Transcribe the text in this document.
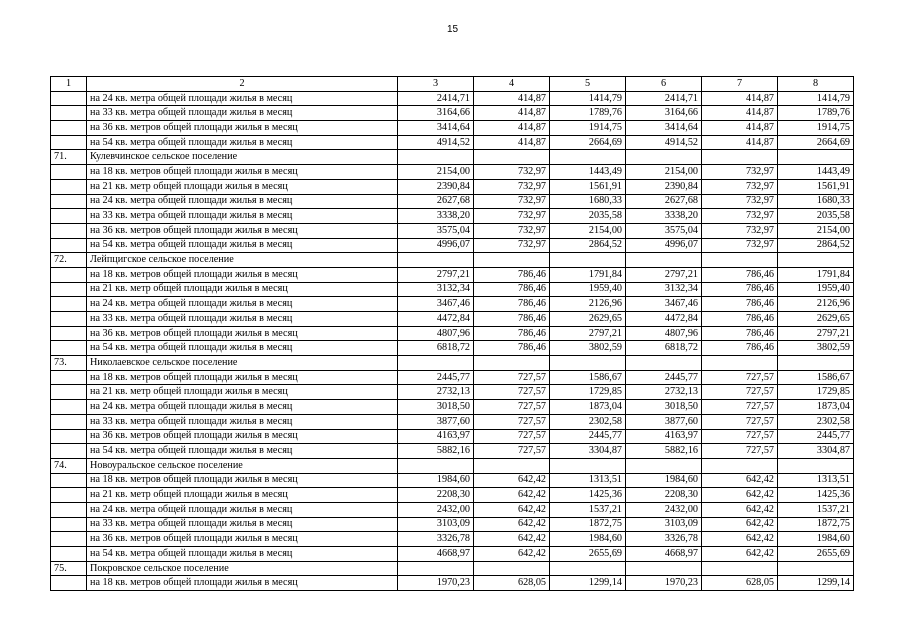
15
1	2	3	4	5	6	7	8
	на 24 кв. метра общей площади жилья в месяц	2414,71	414,87	1414,79	2414,71	414,87	1414,79
	на 33 кв. метра общей площади жилья в месяц	3164,66	414,87	1789,76	3164,66	414,87	1789,76
	на 36 кв. метров общей площади жилья в месяц	3414,64	414,87	1914,75	3414,64	414,87	1914,75
	на 54 кв. метра общей площади жилья в месяц	4914,52	414,87	2664,69	4914,52	414,87	2664,69
71.	Кулевчинское сельское поселение						
	на 18 кв. метров общей площади жилья в месяц	2154,00	732,97	1443,49	2154,00	732,97	1443,49
	на 21 кв. метр общей площади жилья в месяц	2390,84	732,97	1561,91	2390,84	732,97	1561,91
	на 24 кв. метра общей площади жилья в месяц	2627,68	732,97	1680,33	2627,68	732,97	1680,33
	на 33 кв. метра общей площади жилья в месяц	3338,20	732,97	2035,58	3338,20	732,97	2035,58
	на 36 кв. метров общей площади жилья в месяц	3575,04	732,97	2154,00	3575,04	732,97	2154,00
	на 54 кв. метра общей площади жилья в месяц	4996,07	732,97	2864,52	4996,07	732,97	2864,52
72.	Лейпцигское сельское поселение						
	на 18 кв. метров общей площади жилья в месяц	2797,21	786,46	1791,84	2797,21	786,46	1791,84
	на 21 кв. метр общей площади жилья в месяц	3132,34	786,46	1959,40	3132,34	786,46	1959,40
	на 24 кв. метра общей площади жилья в месяц	3467,46	786,46	2126,96	3467,46	786,46	2126,96
	на 33 кв. метра общей площади жилья в месяц	4472,84	786,46	2629,65	4472,84	786,46	2629,65
	на 36 кв. метров общей площади жилья в месяц	4807,96	786,46	2797,21	4807,96	786,46	2797,21
	на 54 кв. метра общей площади жилья в месяц	6818,72	786,46	3802,59	6818,72	786,46	3802,59
73.	Николаевское сельское поселение						
	на 18 кв. метров общей площади жилья в месяц	2445,77	727,57	1586,67	2445,77	727,57	1586,67
	на 21 кв. метр общей площади жилья в месяц	2732,13	727,57	1729,85	2732,13	727,57	1729,85
	на 24 кв. метра общей площади жилья в месяц	3018,50	727,57	1873,04	3018,50	727,57	1873,04
	на 33 кв. метра общей площади жилья в месяц	3877,60	727,57	2302,58	3877,60	727,57	2302,58
	на 36 кв. метров общей площади жилья в месяц	4163,97	727,57	2445,77	4163,97	727,57	2445,77
	на 54 кв. метра общей площади жилья в месяц	5882,16	727,57	3304,87	5882,16	727,57	3304,87
74.	Новоуральское сельское поселение						
	на 18 кв. метров общей площади жилья в месяц	1984,60	642,42	1313,51	1984,60	642,42	1313,51
	на 21 кв. метр общей площади жилья в месяц	2208,30	642,42	1425,36	2208,30	642,42	1425,36
	на 24 кв. метра общей площади жилья в месяц	2432,00	642,42	1537,21	2432,00	642,42	1537,21
	на 33 кв. метра общей площади жилья в месяц	3103,09	642,42	1872,75	3103,09	642,42	1872,75
	на 36 кв. метров общей площади жилья в месяц	3326,78	642,42	1984,60	3326,78	642,42	1984,60
	на 54 кв. метра общей площади жилья в месяц	4668,97	642,42	2655,69	4668,97	642,42	2655,69
75.	Покровское сельское поселение						
	на 18 кв. метров общей площади жилья в месяц	1970,23	628,05	1299,14	1970,23	628,05	1299,14
